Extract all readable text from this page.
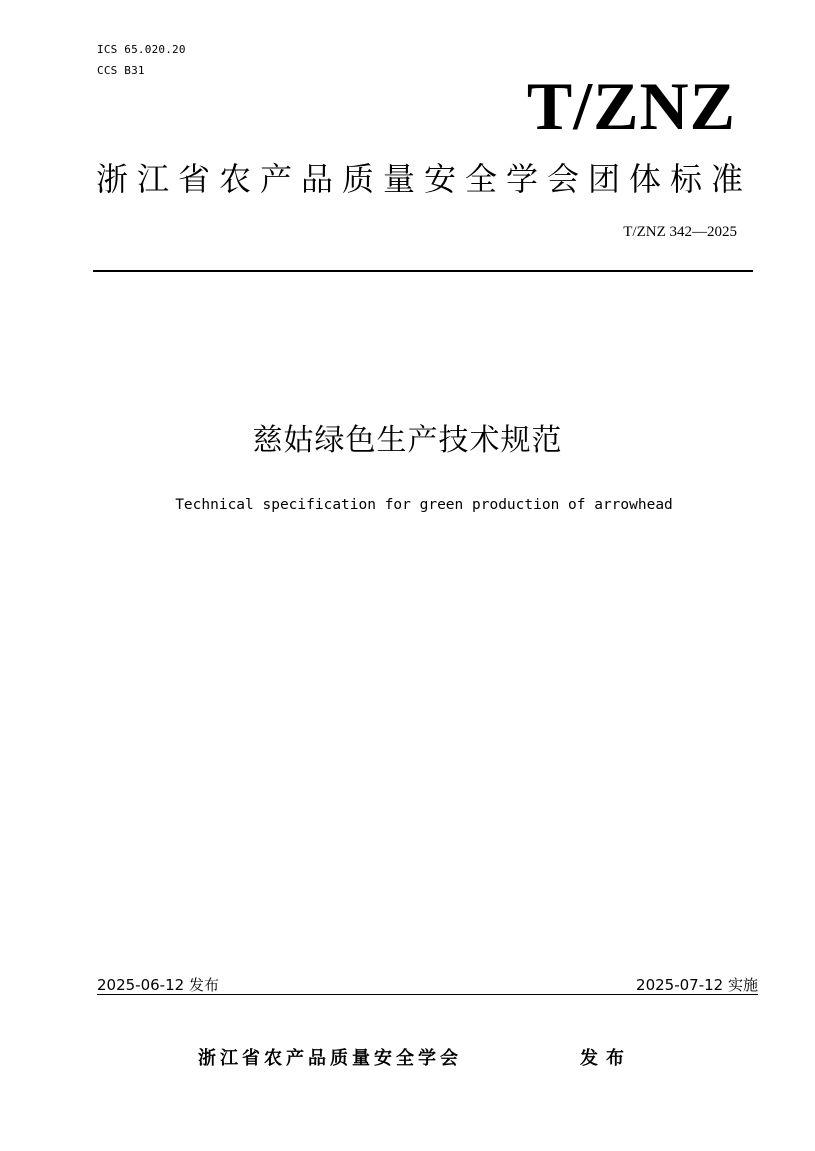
ICS 65.020.20
CCS B31	T/ZNZ
浙江省农产品质量安全学会团体标准
T/ZNZ 342—2025
慈姑绿色生产技术规范
Technical specification for green production of arrowhead
2025-06-12 发布	2025-07-12 实施
浙江省农产品质量安全学会	发布
